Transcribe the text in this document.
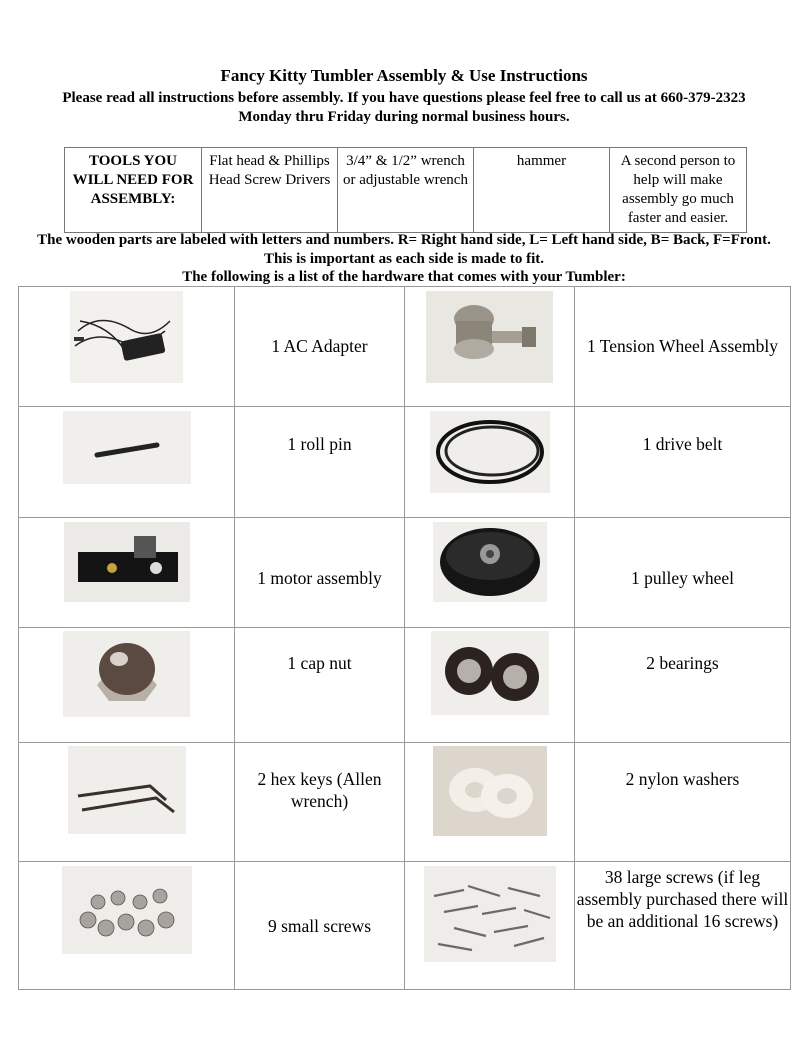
Fancy Kitty Tumbler Assembly & Use Instructions
Please read all instructions before assembly. If you have questions please feel free to call us at 660-379-2323 Monday thru Friday during normal business hours.
TOOLS YOU WILL NEED FOR ASSEMBLY:	Flat head & Phillips Head Screw Drivers	3/4” & 1/2” wrench or adjustable wrench	hammer	A second person to help will make assembly go much faster and easier.
The wooden parts are labeled with letters and numbers. R= Right hand side, L= Left hand side, B= Back, F=Front. This is important as each side is made to fit.
The following is a list of the hardware that comes with your Tumbler:

1 AC Adapter		1 Tension Wheel Assembly

1 roll pin		1 drive belt

1 motor assembly		1 pulley wheel

1 cap nut		2 bearings

2 hex keys (Allen wrench)		2 nylon washers

9 small screws		38 large screws (if leg assembly purchased there will be an additional 16 screws)
